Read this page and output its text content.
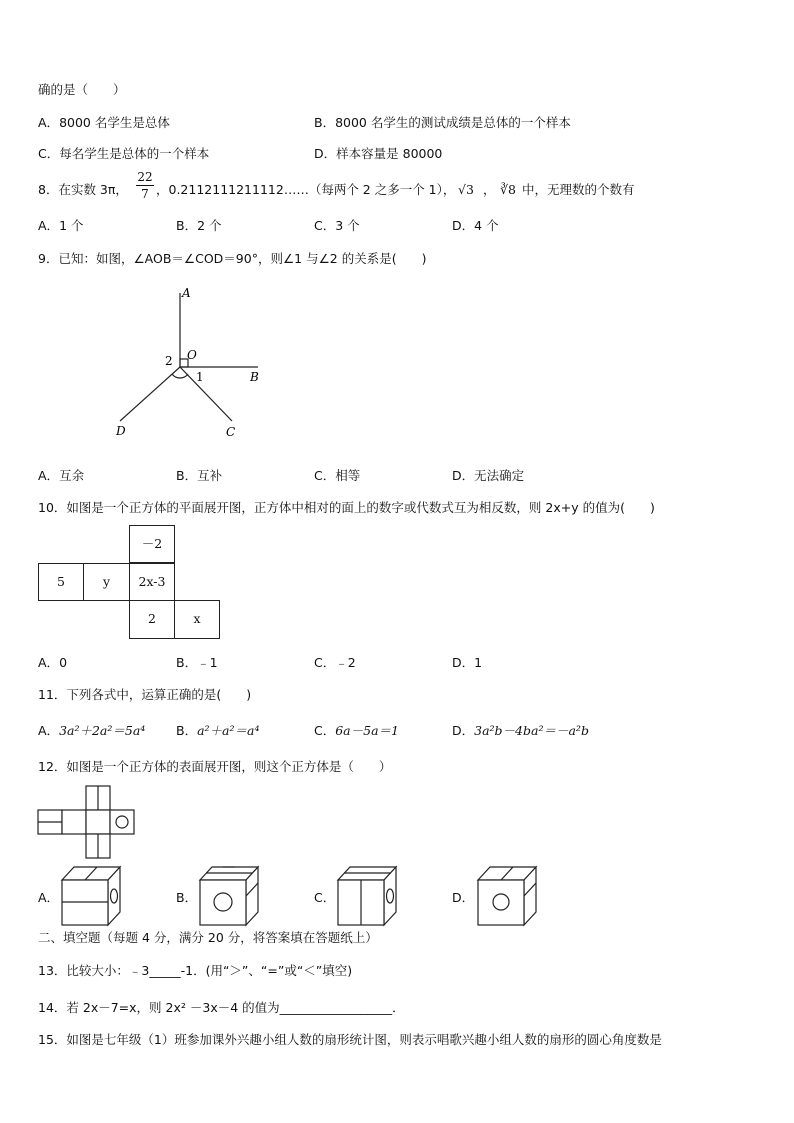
确的是（　　）
A．8000 名学生是总体	B．8000 名学生的测试成绩是总体的一个样本
C．每名学生是总体的一个样本	D．样本容量是 80000
8．在实数 3π，
22
7 ，0.2112111211112……（每两个 2 之多一个 1）， √3 ， ∛8 中，无理数的个数有
A．1 个	B．2 个	C．3 个	D．4 个
9．已知：如图，∠AOB＝∠COD＝90°，则∠1 与∠2 的关系是(　　)
A
O
B
C
D
1
2
A．互余	B．互补	C．相等	D．无法确定
10．如图是一个正方体的平面展开图，正方体中相对的面上的数字或代数式互为相反数，则 2x+y 的值为(　　)
－2
5	y	2x-3
2	x
A．0	B．﹣1	C．﹣2	D．1
11．下列各式中，运算正确的是(　　)
A．3a²＋2a²＝5a⁴ B．a²＋a²＝a⁴	C．6a－5a＝1	D．3a²b－4ba²＝－a²b
12．如图是一个正方体的表面展开图，则这个正方体是（　　）
A．	B．	C．	D．
二、填空题（每题 4 分，满分 20 分，将答案填在答题纸上）
13．比较大小：﹣3_____-1．(用“＞”、“=”或“＜”填空)
14．若 2x－7=x，则 2x² －3x－4 的值为__________________．
15．如图是七年级（1）班参加课外兴趣小组人数的扇形统计图，则表示唱歌兴趣小组人数的扇形的圆心角度数是
